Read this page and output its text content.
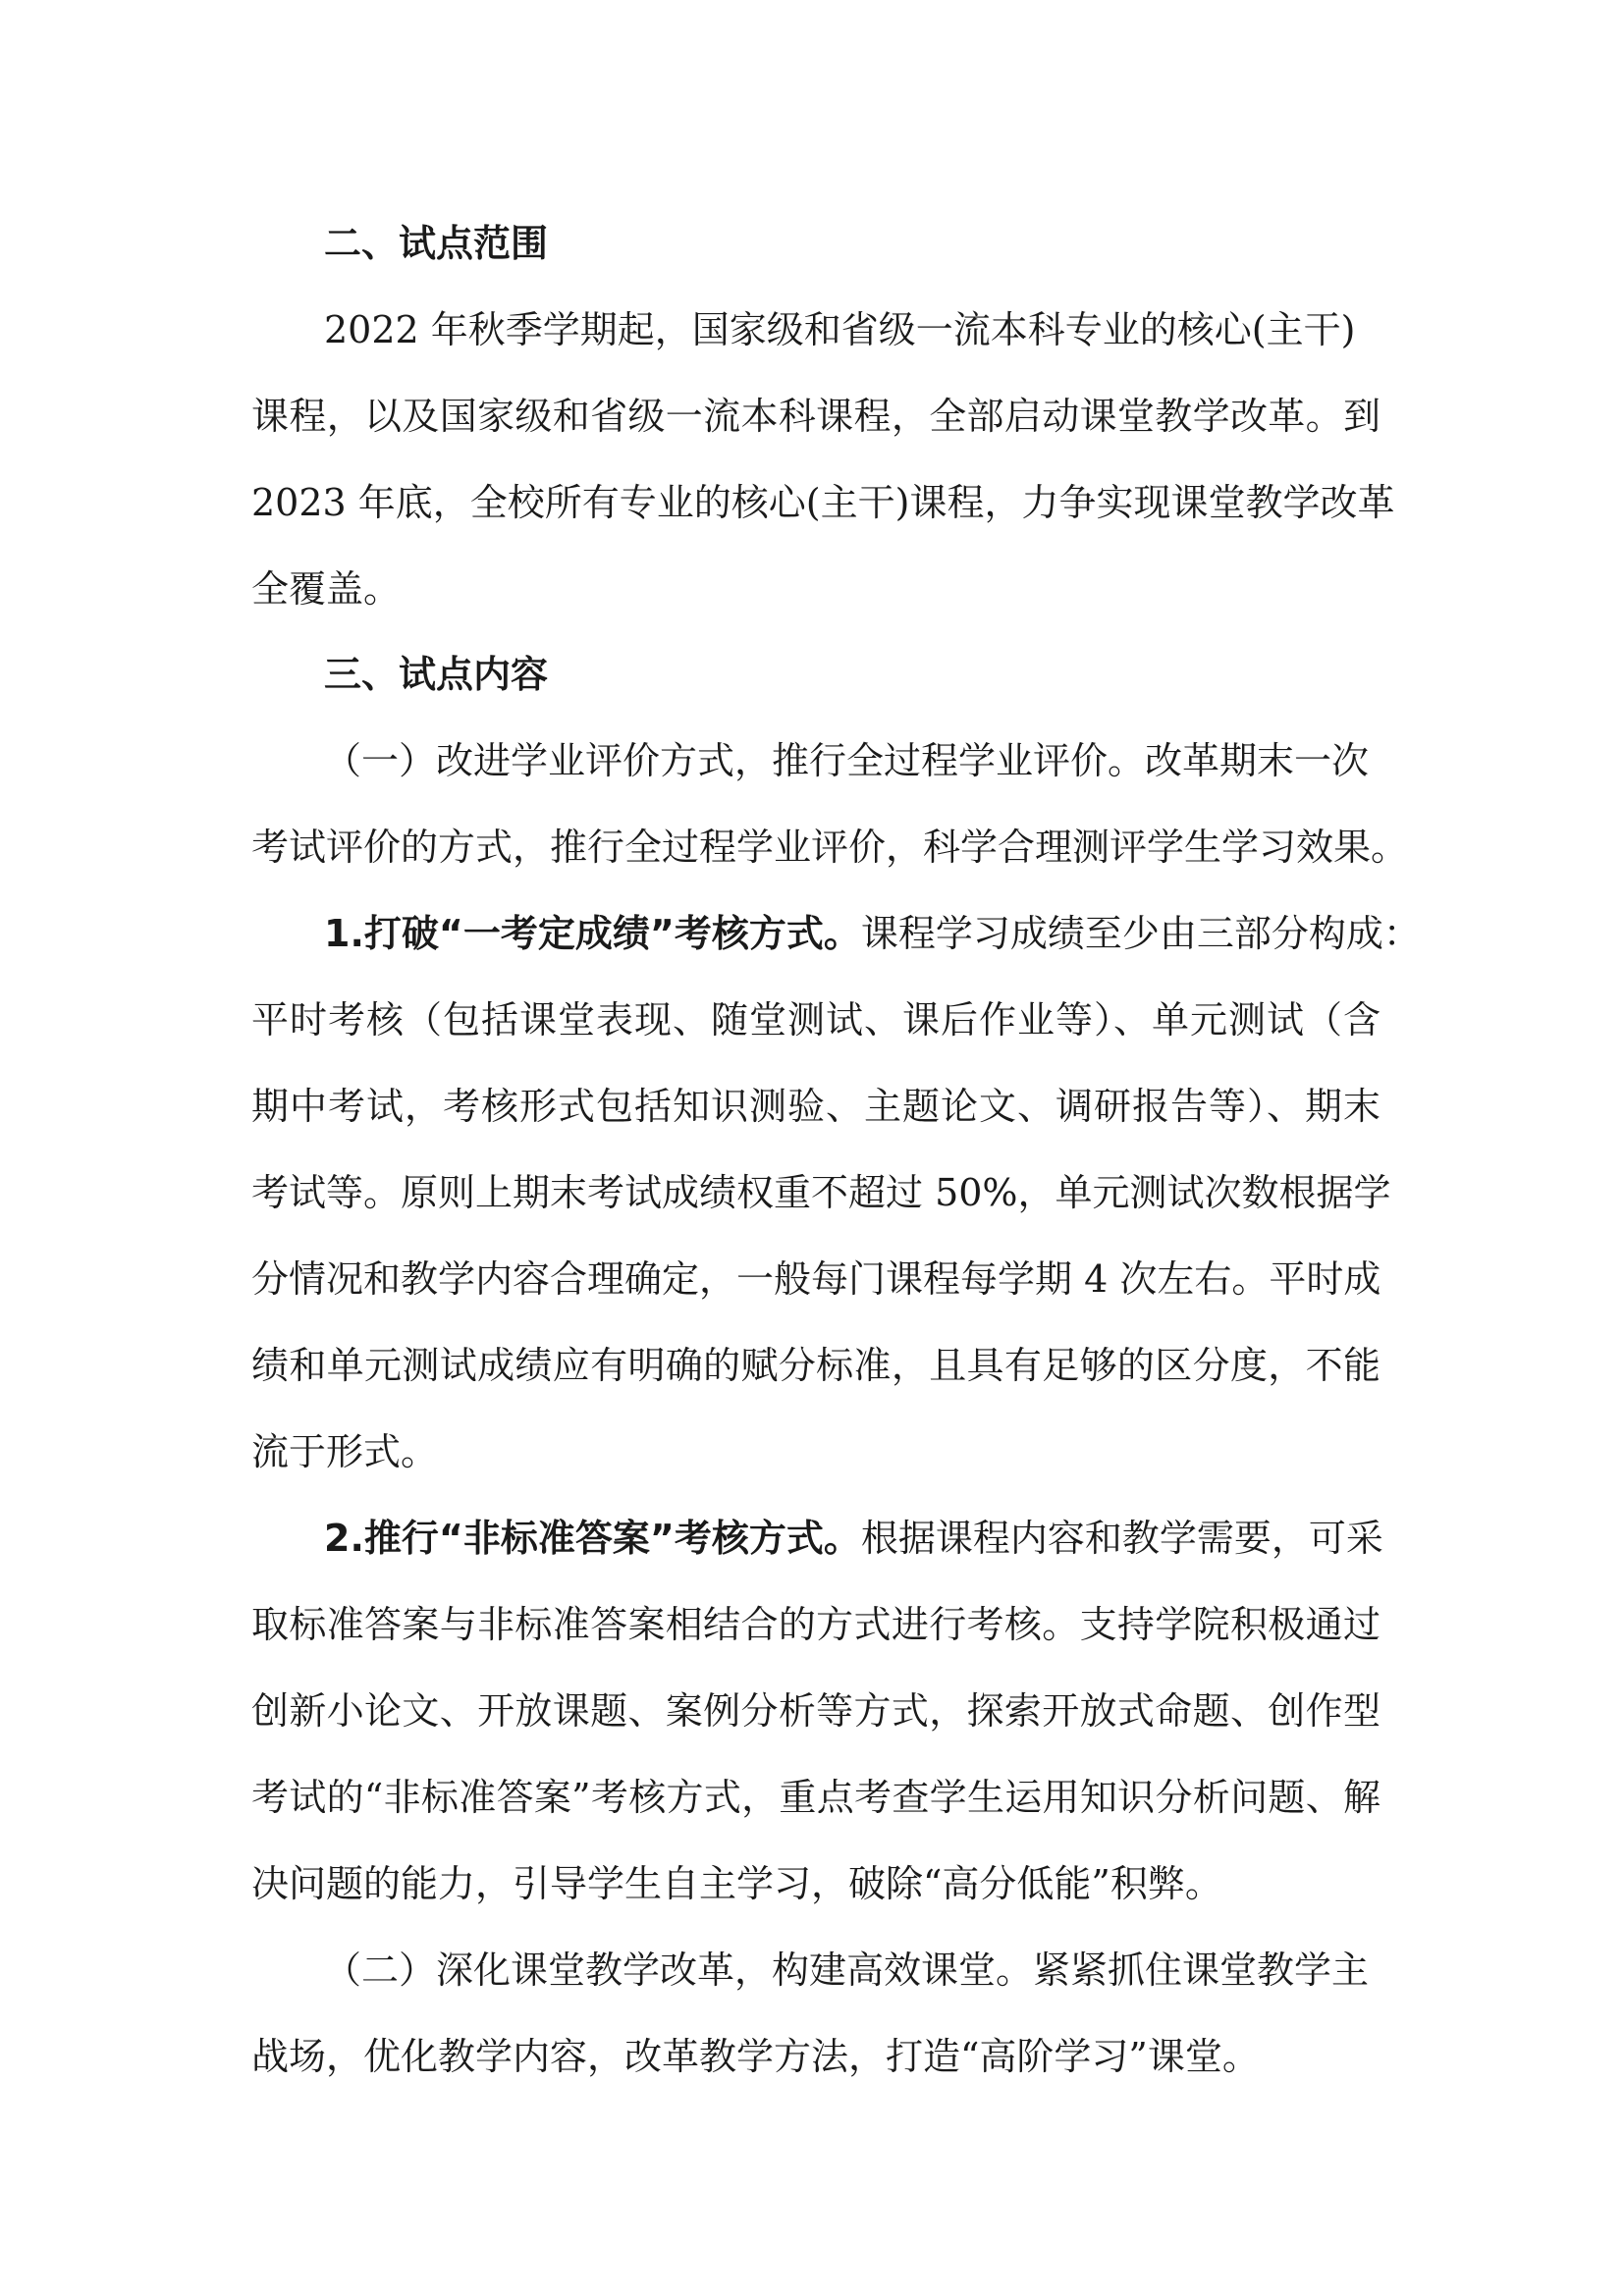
二、试点范围
2022 年秋季学期起，国家级和省级一流本科专业的核心(主干)
课程，以及国家级和省级一流本科课程，全部启动课堂教学改革。到
2023 年底，全校所有专业的核心(主干)课程，力争实现课堂教学改革
全覆盖。
三、试点内容
（一）改进学业评价方式，推行全过程学业评价。改革期末一次
考试评价的方式，推行全过程学业评价，科学合理测评学生学习效果。
1.打破“一考定成绩”考核方式。课程学习成绩至少由三部分构成：
平时考核（包括课堂表现、随堂测试、课后作业等）、单元测试（含
期中考试，考核形式包括知识测验、主题论文、调研报告等）、期末
考试等。原则上期末考试成绩权重不超过 50%，单元测试次数根据学
分情况和教学内容合理确定，一般每门课程每学期 4 次左右。平时成
绩和单元测试成绩应有明确的赋分标准，且具有足够的区分度，不能
流于形式。
2.推行“非标准答案”考核方式。根据课程内容和教学需要，可采
取标准答案与非标准答案相结合的方式进行考核。支持学院积极通过
创新小论文、开放课题、案例分析等方式，探索开放式命题、创作型
考试的“非标准答案”考核方式，重点考查学生运用知识分析问题、解
决问题的能力，引导学生自主学习，破除“高分低能”积弊。
（二）深化课堂教学改革，构建高效课堂。紧紧抓住课堂教学主
战场，优化教学内容，改革教学方法，打造“高阶学习”课堂。
